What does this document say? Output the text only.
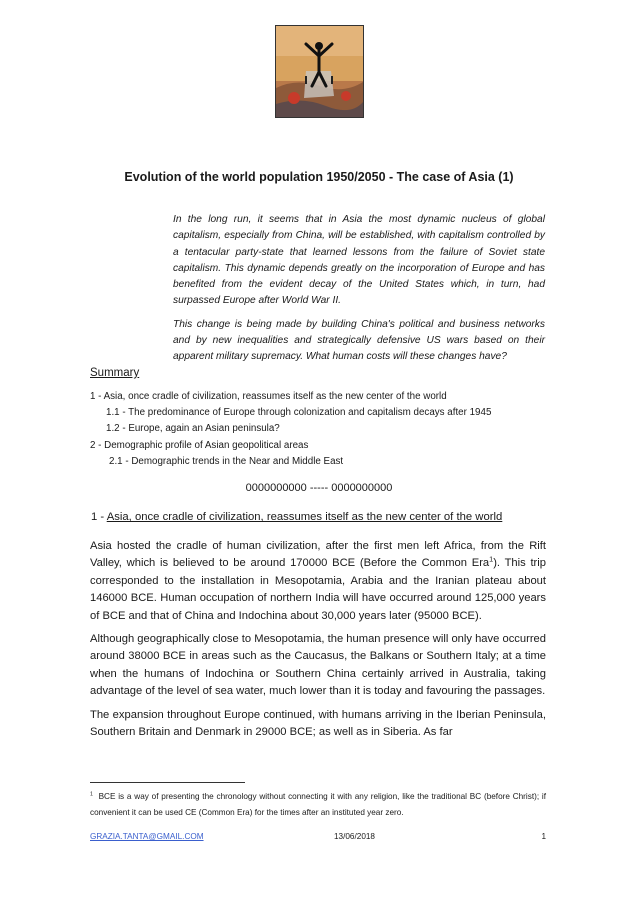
Evolution of the world population 1950/2050 - The case of Asia (1)

In the long run, it seems that in Asia the most dynamic nucleus of global capitalism, especially from China, will be established, with capitalism controlled by a tentacular party-state that learned lessons from the failure of Soviet state capitalism. This dynamic depends greatly on the incorporation of Europe and has benefited from the evident decay of the United States which, in turn, had surpassed Europe after World War II.

This change is being made by building China's political and business networks and by new inequalities and strategically defensive US wars based on their apparent military supremacy. What human costs will these changes have?

Summary
1 - Asia, once cradle of civilization, reassumes itself as the new center of the world
1.1 - The predominance of Europe through colonization and capitalism decays after 1945
1.2 - Europe, again an Asian peninsula?
2 - Demographic profile of Asian geopolitical areas
2.1 - Demographic trends in the Near and Middle East
0000000000 ----- 0000000000
1 - Asia, once cradle of civilization, reassumes itself as the new center of the world

Asia hosted the cradle of human civilization, after the first men left Africa, from the Rift Valley, which is believed to be around 170000 BCE (Before the Common Era$^1$). This trip corresponded to the installation in Mesopotamia, Arabia and the Iranian plateau about 146000 BCE. Human occupation of northern India will have occurred around 125,000 years of BCE and that of China and Indochina about 30,000 years later (95000 BCE).

Although geographically close to Mesopotamia, the human presence will only have occurred around 38000 BCE in areas such as the Caucasus, the Balkans or Southern Italy; at a time when the humans of Indochina or Southern China certainly arrived in Australia, taking advantage of the level of sea water, much lower than it is today and favouring the passages.

The expansion throughout Europe continued, with humans arriving in the Iberian Peninsula, Southern Britain and Denmark in 29000 BCE; as well as in Siberia. As far

$^1$ BCE is a way of presenting the chronology without connecting it with any religion, like the traditional BC (before Christ); if convenient it can be used CE (Common Era) for the times after an instituted year zero.
GRAZIA.TANTA@GMAIL.COM	13/06/2018	1
